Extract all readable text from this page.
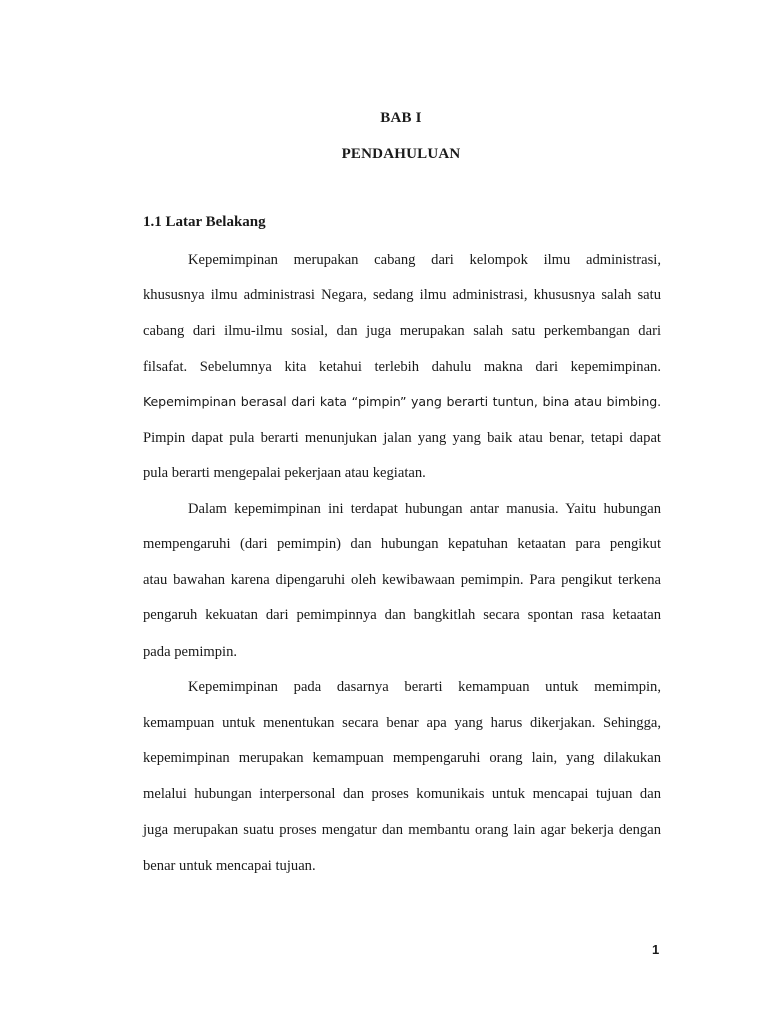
BAB I
PENDAHULUAN
1.1 Latar Belakang
Kepemimpinan merupakan cabang dari kelompok ilmu administrasi,
khususnya ilmu administrasi Negara, sedang ilmu administrasi, khususnya salah satu
cabang dari ilmu-ilmu sosial, dan juga merupakan salah satu perkembangan dari
filsafat. Sebelumnya kita ketahui terlebih dahulu makna dari kepemimpinan.
Kepemimpinan berasal dari kata “pimpin” yang berarti tuntun, bina atau bimbing.
Pimpin dapat pula berarti menunjukan jalan yang yang baik atau benar, tetapi dapat
pula berarti mengepalai pekerjaan atau kegiatan.
Dalam kepemimpinan ini terdapat hubungan antar manusia. Yaitu hubungan
mempengaruhi (dari pemimpin) dan hubungan kepatuhan ketaatan para pengikut
atau bawahan karena dipengaruhi oleh kewibawaan pemimpin. Para pengikut terkena
pengaruh kekuatan dari pemimpinnya dan bangkitlah secara spontan rasa ketaatan
pada pemimpin.
Kepemimpinan pada dasarnya berarti kemampuan untuk memimpin,
kemampuan untuk menentukan secara benar apa yang harus dikerjakan. Sehingga,
kepemimpinan merupakan kemampuan mempengaruhi orang lain, yang dilakukan
melalui hubungan interpersonal dan proses komunikais untuk mencapai tujuan dan
juga merupakan suatu proses mengatur dan membantu orang lain agar bekerja dengan
benar untuk mencapai tujuan.
1
